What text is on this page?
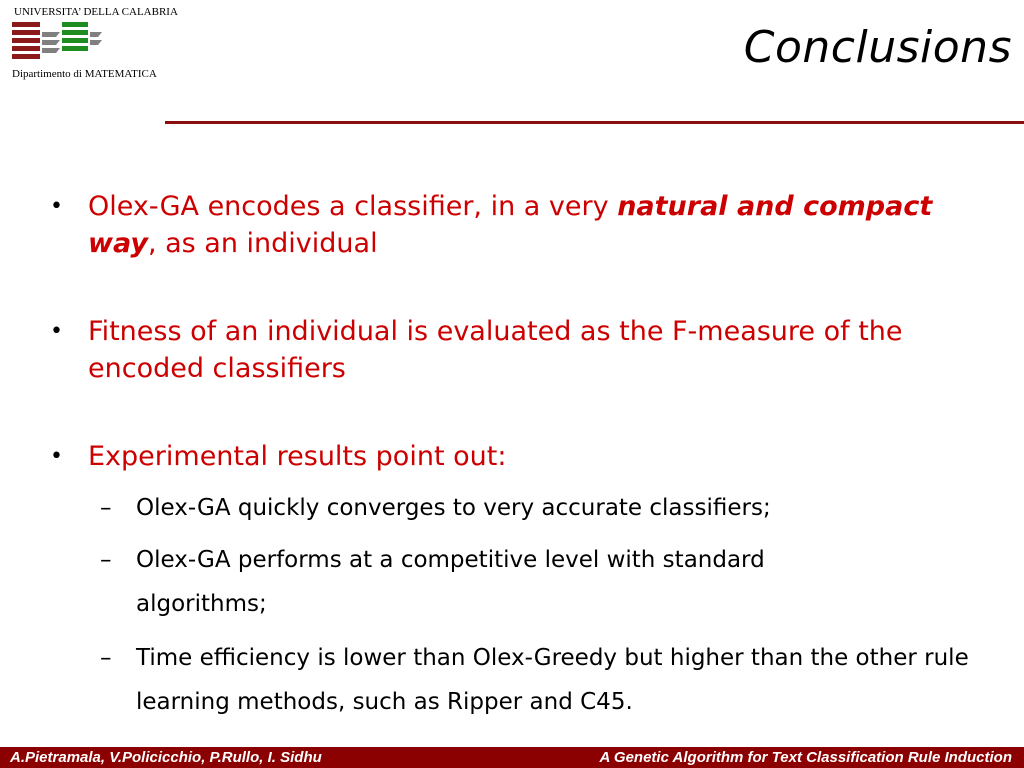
UNIVERSITA’ DELLA CALABRIA
Dipartimento di MATEMATICA
Conclusions
• Olex-GA encodes a classifier, in a very natural and compact way, as an individual
• Fitness of an individual is evaluated as the F-measure of the encoded classifiers
• Experimental results point out:
– Olex-GA quickly converges to very accurate classifiers;
– Olex-GA performs at a competitive level with standard algorithms;
– Time efficiency is lower than Olex-Greedy but higher than the other rule learning methods, such as Ripper and C45.
A.Pietramala, V.Policicchio, P.Rullo, I. Sidhu	A Genetic Algorithm for Text Classification Rule Induction
